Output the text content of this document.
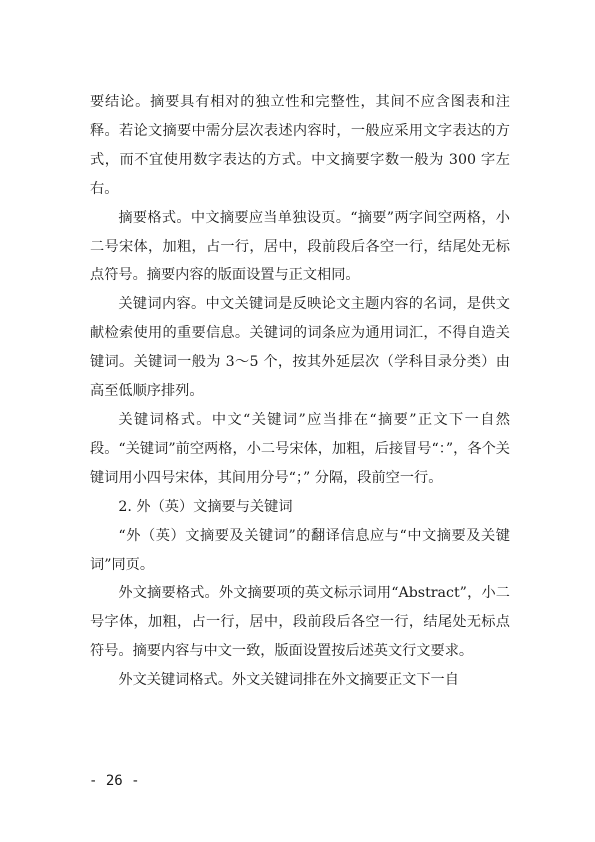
要结论。摘要具有相对的独立性和完整性，其间不应含图表和注释。若论文摘要中需分层次表述内容时，一般应采用文字表达的方式，而不宜使用数字表达的方式。中文摘要字数一般为 300 字左右。

摘要格式。中文摘要应当单独设页。“摘要”两字间空两格，小二号宋体，加粗，占一行，居中，段前段后各空一行，结尾处无标点符号。摘要内容的版面设置与正文相同。

关键词内容。中文关键词是反映论文主题内容的名词，是供文献检索使用的重要信息。关键词的词条应为通用词汇，不得自造关键词。关键词一般为 3～5 个，按其外延层次（学科目录分类）由高至低顺序排列。

关键词格式。中文“关键词”应当排在“摘要”正文下一自然段。“关键词”前空两格，小二号宋体，加粗，后接冒号“：”，各个关键词用小四号宋体，其间用分号“；” 分隔，段前空一行。

2. 外（英）文摘要与关键词

“外（英）文摘要及关键词”的翻译信息应与“中文摘要及关键词”同页。

外文摘要格式。外文摘要项的英文标示词用“Abstract”，小二号字体，加粗，占一行，居中，段前段后各空一行，结尾处无标点符号。摘要内容与中文一致，版面设置按后述英文行文要求。

外文关键词格式。外文关键词排在外文摘要正文下一自

- 26 -
